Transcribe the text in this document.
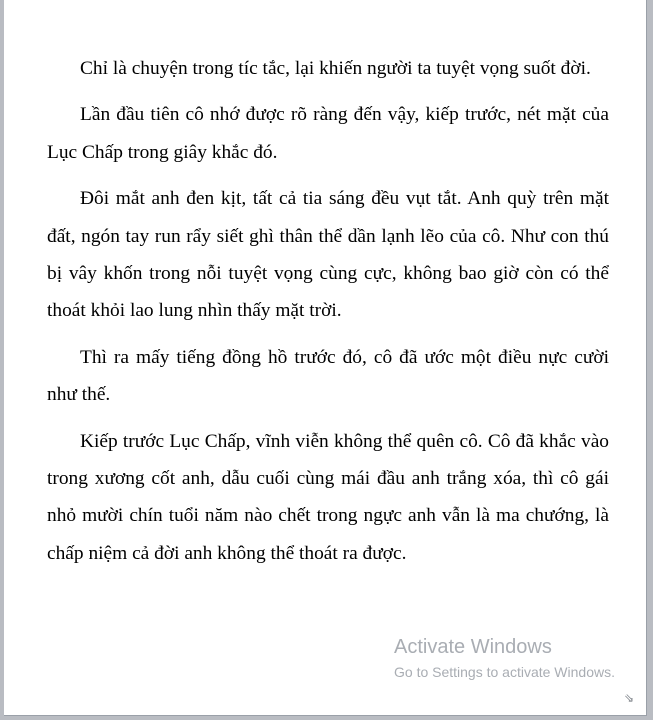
Chỉ là chuyện trong tíc tắc, lại khiến người ta tuyệt vọng suốt đời.

Lần đầu tiên cô nhớ được rõ ràng đến vậy, kiếp trước, nét mặt của Lục Chấp trong giây khắc đó.

Đôi mắt anh đen kịt, tất cả tia sáng đều vụt tắt. Anh quỳ trên mặt đất, ngón tay run rẩy siết ghì thân thể dần lạnh lẽo của cô. Như con thú bị vây khốn trong nỗi tuyệt vọng cùng cực, không bao giờ còn có thể thoát khỏi lao lung nhìn thấy mặt trời.

Thì ra mấy tiếng đồng hồ trước đó, cô đã ước một điều nực cười như thế.

Kiếp trước Lục Chấp, vĩnh viễn không thể quên cô. Cô đã khắc vào trong xương cốt anh, dẫu cuối cùng mái đầu anh trắng xóa, thì cô gái nhỏ mười chín tuổi năm nào chết trong ngực anh vẫn là ma chướng, là chấp niệm cả đời anh không thể thoát ra được.

Activate Windows
Go to Settings to activate Windows.
⇘
